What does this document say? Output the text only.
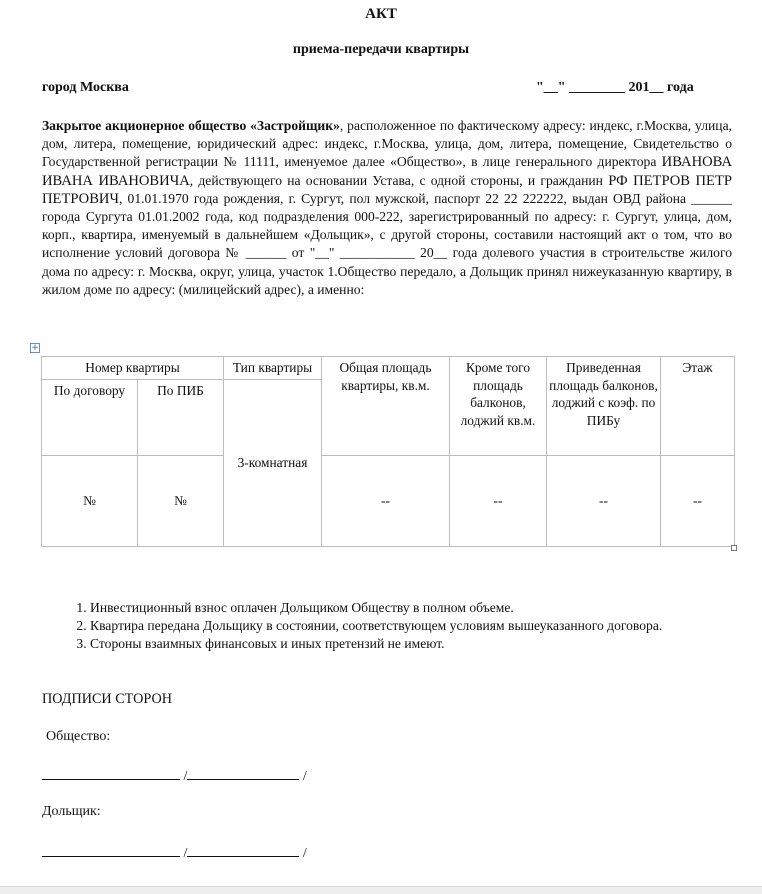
АКТ
приема-передачи квартиры
город Москва	"__" ________ 201__ года

Закрытое акционерное общество «Застройщик», расположенное по фактическому адресу: индекс, г.Москва, улица, дом, литера, помещение, юридический адрес: индекс, г.Москва, улица, дом, литера, помещение, Свидетельство о Государственной регистрации № 11111, именуемое далее «Общество», в лице генерального директора ИВАНОВА ИВАНА ИВАНОВИЧА, действующего на основании Устава, с одной стороны, и гражданин РФ ПЕТРОВ ПЕТР ПЕТРОВИЧ, 01.01.1970 года рождения, г. Сургут, пол мужской, паспорт 22 22 222222, выдан ОВД района ______ города Сургута 01.01.2002 года, код подразделения 000-222, зарегистрированный по адресу: г. Сургут, улица, дом, корп., квартира, именуемый в дальнейшем «Дольщик», с другой стороны, составили настоящий акт о том, что во исполнение условий договора № ______ от "__" ___________ 20__ года долевого участия в строительстве жилого дома по адресу: г. Москва, округ, улица, участок 1.Общество передало, а Дольщик принял нижеуказанную квартиру, в жилом доме по адресу: (милицейский адрес), а именно:

+
Номер квартиры		Тип квартиры	Общая площадь квартиры, кв.м.	Кроме того площадь балконов, лоджий кв.м.	Приведенная площадь балконов, лоджий с коэф. по ПИБу	Этаж
По договору	По ПИБ	3-комнатная				
№	№		--	--	--	--
1. Инвестиционный взнос оплачен Дольщиком Обществу в полном объеме.
2. Квартира передана Дольщику в состоянии, соответствующем условиям вышеуказанного договора.
3. Стороны взаимных финансовых и иных претензий не имеют.
ПОДПИСИ СТОРОН
Общество:
/	/
Дольщик:
/	/
